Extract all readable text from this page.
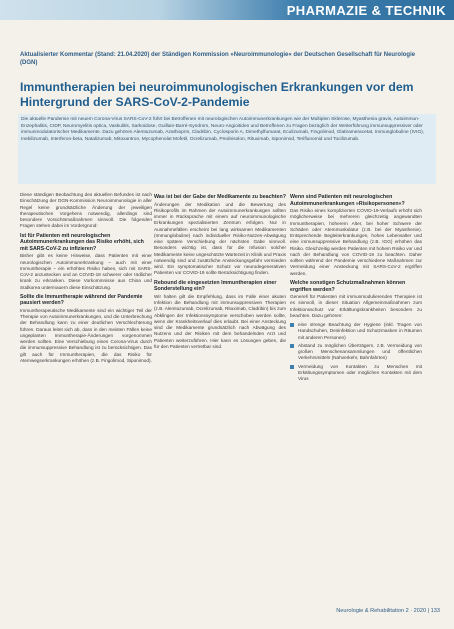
PHARMAZIE & TECHNIK

Aktualisierter Kommentar (Stand: 21.04.2020) der Ständigen Kommission »Neuroimmunologie« der Deutschen Gesellschaft für Neurologie (DGN)

Immuntherapien bei neuroimmunologischen Erkrankungen vor dem Hintergrund der SARS-CoV-2-Pandemie

Die aktuelle Pandemie mit neuem Corona-Virus SARS-CoV-2 führt bei Betroffenen mit neurologischen Autoimmunerkrankungen wie der Multiplen Sklerose, Myasthenia gravis, Autoimmun-Enzephalitis, CIDP, Neuromyelitis optica, Vaskulitis, Sarkoidose, Guillain-Barré-Syndrom, Neuro-Angioitiden und Betroffenen zu Fragen bezüglich der Weiterführung immunsuppressiver oder immunmodulatorischer Medikamente. Dazu gehören Alemtuzumab, Azathioprin, Cladribin, Cyclosporin A, Dimethylfumarat, Eculizumab, Fingolimod, Glatirameracetat, Immunglobuline (IVIG), Inebilizumab, Interferon-beta, Natalizumab, Mitoxantron, Mycophenolat Mofetil, Ocrelizumab, Prednisolon, Rituximab, Siponimod, Teriflunomid und Tocilizumab.

Diese ständigen Beobachtung des aktuellen Befundes ist nach Einschätzung der DGN-Kommission Neuroimmunologie in aller Regel keine grundsätzliche Änderung der jeweiligen therapeutischen Vorgehens notwendig, allerdings sind besondere Vorsichtsmaßnahmen sinnvoll. Die folgenden Fragen stehen dabei im Vordergrund:

Ist für Patienten mit neurologischen Autoimmunerkrankungen das Risiko erhöht, sich mit SARS-CoV-2 zu infizieren?

Bisher gibt es keine Hinweise, dass Patienten mit einer neurologischen Autoimmunerkrankung – auch mit einer Immuntherapie – ein erhöhtes Risiko haben, sich mit SARS-CoV-2 anzustecken und an COVID-19 schwerer oder tödlicher krank zu erkranken. Diese Vorkommnisse aus China und Südkorea untermauern diese Einschätzung.

Sollte die Immuntherapie während der Pandemie pausiert werden?

Immuntherapeutische Medikamente sind ein wichtiger Teil der Therapie von Autoimmunerkrankungen, und die Unterbrechung der Behandlung kann zu einer deutlichen Verschlechterung führen. Daraus leitet sich ab, dass in den meisten Fällen keine ungeplanten Immuntherapie-Änderungen vorgenommen werden sollten. Eine Verschiebung eines Corona-Virus durch die immunsuppressive Behandlung ist zu berücksichtigen. Das gilt auch für Immuntherapien, die das Risiko für Atemwegserkrankungen erhöhen (z.B. Fingolimod, Siponimod).

Was ist bei der Gabe der Medikamente zu beachten?

Änderungen der Medikation und die Bewertung des Risikoprofils im Rahmen der Autoimmunerkrankungen sollten immer in Rücksprache mit einem auf neuroimmunologische Erkrankungen spezialisierten Zentrum erfolgen. Nur in Ausnahmefällen erscheint bei lang wirksamen Medikamenten (Immunglobuline) nach individueller Risiko-Nutzen-Abwägung eine spätere Verschiebung der nächsten Gabe sinnvoll. Besonders wichtig ist, dass für die Infusion solcher Medikamente keine ungeschützte Wartezeit in Klinik und Praxis notwendig sind und zusätzliche Ansteckungsgefahr vermieden wird. Ein symptomatischer Schutz vor neurodegenerativen Patienten vor COVID-19 sollte Berücksichtigung finden.

Rebound die eingesetzten Immuntherapien einer Sonderstellung ein?

Wir halten gilt die Empfehlung, dass im Falle einer akuten Infektion die Behandlung mit immunsuppressiven Therapien (z.B. Alemtuzumab, Ocrelizumab, Rituximab, Cladribin) bis zum Abklingen der Infektionssymptome verschoben werden sollte, wenn der Krankheitsverlauf dies erlaubt. Bei einer Ansteckung sind die Medikamente grundsätzlich nach Abwägung des Nutzens und der Risiken mit dem behandelnden Arzt und Patienten weiterzuführen. Hier kann es Lösungen geben, die für den Patienten vertretbar sind.

Wenn sind Patienten mit neurologischen Autoimmunerkrankungen »Risikopersonen«?

Das Risiko eines komplizierten COVID-19-Verlaufs erhöht sich möglicherweise bei mehreren gleichzeitig angewandten Immuntherapien, höherem Alter, bei hoher Schwere der Schäden oder Atemmuskulatur (z.B. bei der Myasthenie). Entsprechende Begleiterkrankungen, hohes Lebensalter und eine immunsuppressive Behandlung (z.B. IGG) erhöhen das Risiko. Gleichzeitig werden Patienten mit hohem Risiko vor und nach der Behandlung von COVID-19 zu beachten. Daher sollten während der Pandemie verschiedene Maßnahmen zur Vermeidung einer Ansteckung mit SARS-CoV-2 ergriffen werden.

Welche sonstigen Schutzmaßnahmen können ergriffen werden?

Generell für Patienten mit immunmodulierenden Therapien ist es sinnvoll, in dieser Situation Allgemeinmaßnahmen zum Infektionsschutz vor Erkältungskrankheiten besonders zu beachten. Dazu gehören:

eine strenge Beachtung der Hygiene (inkl. Tragen von Handschuhen, Desinfektion und Schutzmasken in Räumen mit anderen Personen)
Abstand zu möglichen Überträgern, z.B. Vermeidung von großen Menschenansammlungen und öffentlichen Verkehrsmitteln (Nahverkehr, Bahnfahrten)
Vermeidung von Kontakten zu Menschen mit Erkältungssymptomen oder möglichen Kontakten mit dem Virus

Neurologie & Rehabilitation 2 · 2020 | 133
